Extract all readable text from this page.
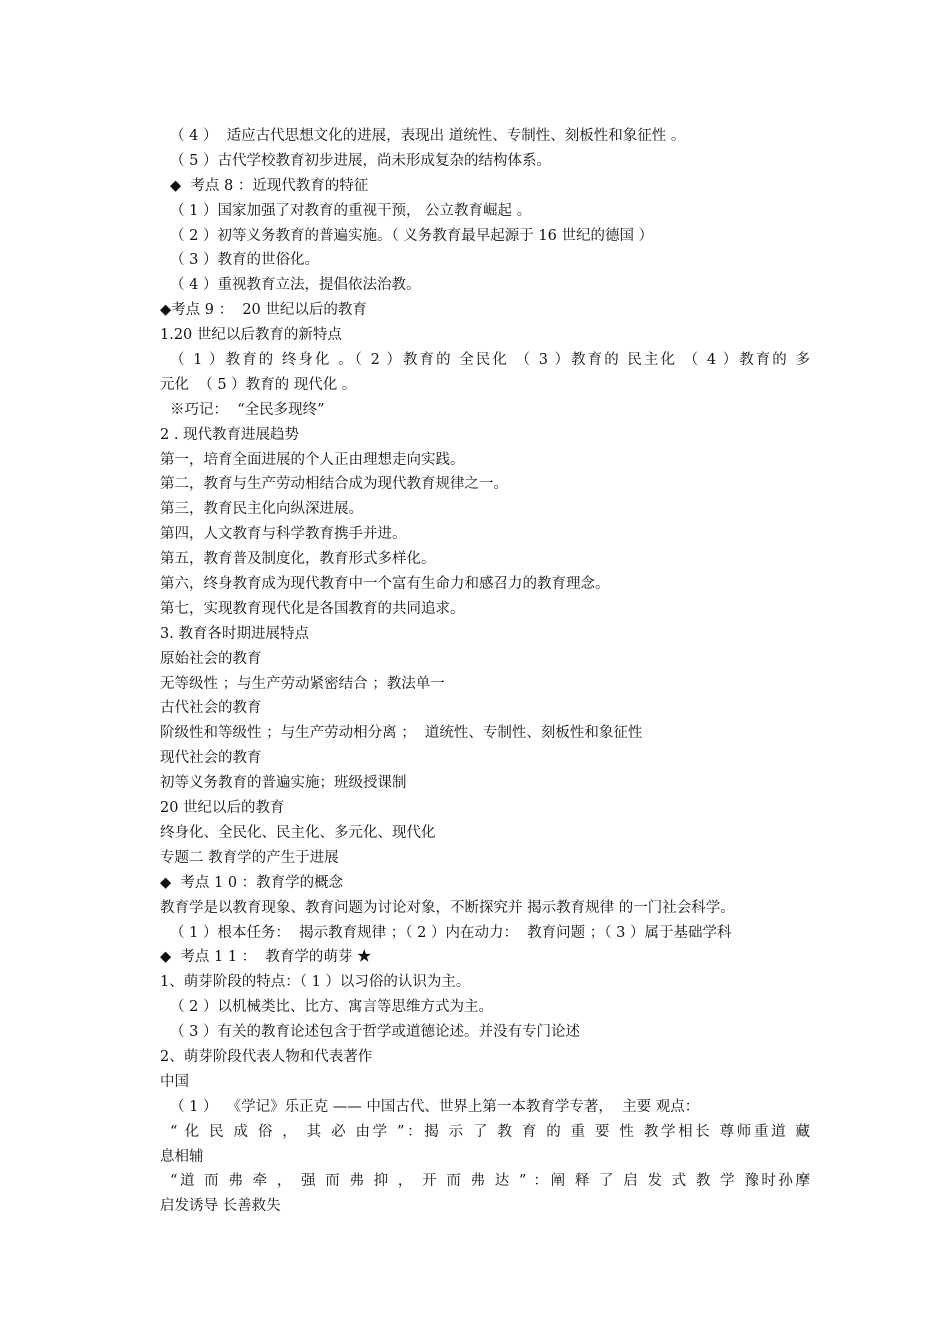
（ 4 ）  适应古代思想文化的进展，表现出 道统性、专制性、刻板性和象征性 。
（ 5 ）古代学校教育初步进展，尚未形成复杂的结构体系。
◆  考点 8 ：近现代教育的特征
（ 1 ）国家加强了对教育的重视干预， 公立教育崛起 。
（ 2 ）初等义务教育的普遍实施。（ 义务教育最早起源于 16 世纪的德国 ）
（ 3 ）教育的世俗化。
（ 4 ）重视教育立法，提倡依法治教。
◆考点 9 ：  20 世纪以后的教育
1.20 世纪以后教育的新特点
（ 1 ）教育的 终身化 。（ 2 ）教育的 全民化 （ 3 ）教育的 民主化 （ 4 ）教育的 多
元化  （ 5 ）教育的 现代化 。
※巧记：  “全民多现终”
2 . 现代教育进展趋势
第一，培育全面进展的个人正由理想走向实践。
第二，教育与生产劳动相结合成为现代教育规律之一。
第三，教育民主化向纵深进展。
第四，人文教育与科学教育携手并进。
第五，教育普及制度化，教育形式多样化。
第六，终身教育成为现代教育中一个富有生命力和感召力的教育理念。
第七，实现教育现代化是各国教育的共同追求。
3. 教育各时期进展特点
原始社会的教育
无等级性 ；与生产劳动紧密结合 ；教法单一
古代社会的教育
阶级性和等级性 ；与生产劳动相分离 ；  道统性、专制性、刻板性和象征性
现代社会的教育
初等义务教育的普遍实施；班级授课制
20 世纪以后的教育
终身化、全民化、民主化、多元化、现代化
专题二 教育学的产生于进展
◆  考点 1 0 ：教育学的概念
教育学是以教育现象、教育问题为讨论对象，不断探究并 揭示教育规律 的一门社会科学。
（ 1 ）根本任务：  揭示教育规律 ；（ 2 ）内在动力：  教育问题 ；（ 3 ）属于基础学科
◆  考点 1 1 ：  教育学的萌芽 ★
1、萌芽阶段的特点：（ 1 ）以习俗的认识为主。
（ 2 ）以机械类比、比方、寓言等思维方式为主。
（ 3 ）有关的教育论述包含于哲学或道德论述。并没有专门论述
2、萌芽阶段代表人物和代表著作
中国
（ 1 ）  《学记》乐正克 —— 中国古代、世界上第一本教育学专著，  主要 观点：
“ 化 民 成 俗 ， 其 必 由学 ”：揭 示 了 教 育 的 重 要 性 教学相长 尊师重道 藏
息相辅
“道 而 弗 牵 ， 强 而 弗 抑 ， 开 而 弗 达 ” ：阐 释 了 启 发 式 教 学 豫时孙摩
启发诱导 长善救失
